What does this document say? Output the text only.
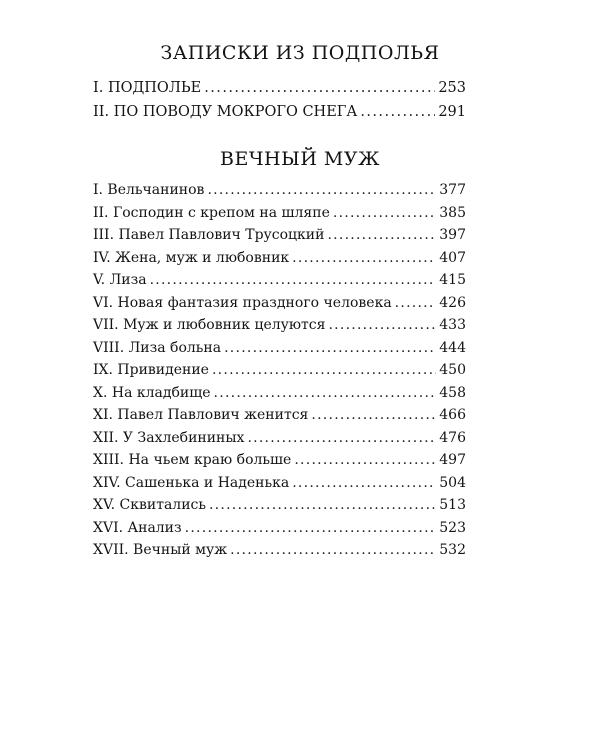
ЗАПИСКИ ИЗ ПОДПОЛЬЯ
I. ПОДПОЛЬЕ . . .	253
II. ПО ПОВОДУ МОКРОГО СНЕГА . . .	291
ВЕЧНЫЙ МУЖ
I. Вельчанинов . . .	377
II. Господин с крепом на шляпе . . .	385
III. Павел Павлович Трусоцкий . . .	397
IV. Жена, муж и любовник . . .	407
V. Лиза . . .	415
VI. Новая фантазия праздного человека . . .	426
VII. Муж и любовник целуются . . .	433
VIII. Лиза больна . . .	444
IX. Привидение . . .	450
X. На кладбище . . .	458
XI. Павел Павлович женится . . .	466
XII. У Захлебининых . . .	476
XIII. На чьем краю больше . . .	497
XIV. Сашенька и Наденька . . .	504
XV. Сквитались . . .	513
XVI. Анализ . . .	523
XVII. Вечный муж . . .	532
